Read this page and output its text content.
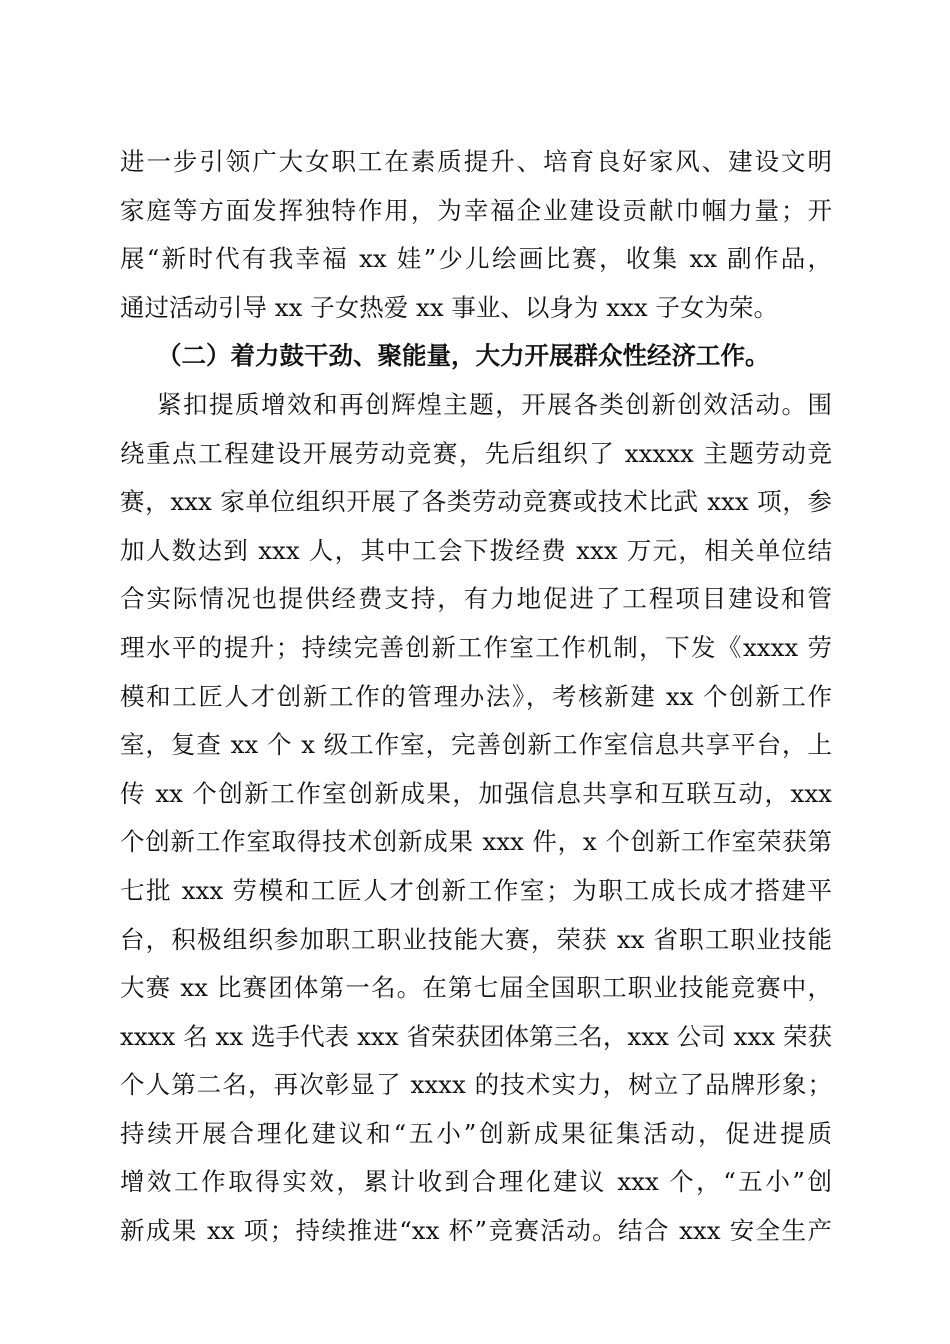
进一步引领广大女职工在素质提升、培育良好家风、建设文明
家庭等方面发挥独特作用，为幸福企业建设贡献巾帼力量；开
展“新时代有我幸福 xx 娃”少儿绘画比赛，收集 xx 副作品，
通过活动引导 xx 子女热爱 xx 事业、以身为 xxx 子女为荣。
（二）着力鼓干劲、聚能量，大力开展群众性经济工作。
紧扣提质增效和再创辉煌主题，开展各类创新创效活动。围
绕重点工程建设开展劳动竞赛，先后组织了 xxxxx 主题劳动竞
赛，xxx 家单位组织开展了各类劳动竞赛或技术比武 xxx 项，参
加人数达到 xxx 人，其中工会下拨经费 xxx 万元，相关单位结
合实际情况也提供经费支持，有力地促进了工程项目建设和管
理水平的提升；持续完善创新工作室工作机制，下发《xxxx 劳
模和工匠人才创新工作的管理办法》，考核新建 xx 个创新工作
室，复查 xx 个 x 级工作室，完善创新工作室信息共享平台，上
传 xx 个创新工作室创新成果，加强信息共享和互联互动，xxx
个创新工作室取得技术创新成果 xxx 件，x 个创新工作室荣获第
七批 xxx 劳模和工匠人才创新工作室；为职工成长成才搭建平
台，积极组织参加职工职业技能大赛，荣获 xx 省职工职业技能
大赛 xx 比赛团体第一名。在第七届全国职工职业技能竞赛中，
xxxx 名 xx 选手代表 xxx 省荣获团体第三名，xxx 公司 xxx 荣获
个人第二名，再次彰显了 xxxx 的技术实力，树立了品牌形象；
持续开展合理化建议和“五小”创新成果征集活动，促进提质
增效工作取得实效，累计收到合理化建议 xxx 个，“五小”创
新成果 xx 项；持续推进“xx 杯”竞赛活动。结合 xxx 安全生产
